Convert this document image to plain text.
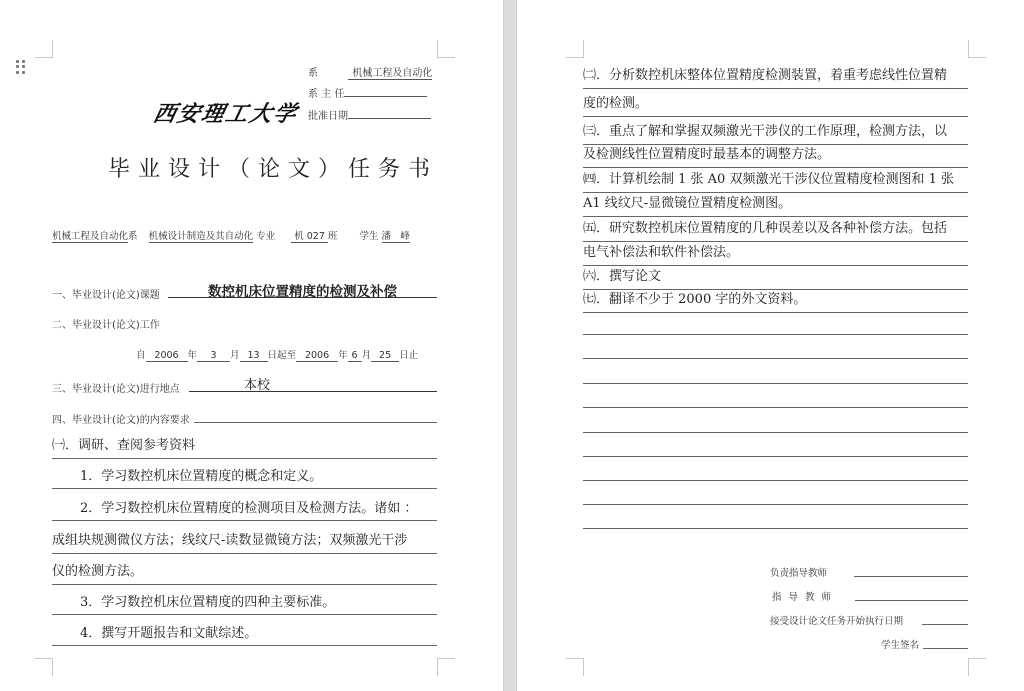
系	机械工程及自动化
系 主 任
批准日期
西安理工大学
毕业设计（论文）任务书
机械工程及自动化系 机械设计制造及其自动化 专业 机 027 班 学生 潘　峰
一、毕业设计(论文)课题	数控机床位置精度的检测及补偿
二、毕业设计(论文)工作
自 2006 年 3 月 13 日起至 2006 年 6 月 25 日止
三、毕业设计(论文)进行地点	本校
四、毕业设计(论文)的内容要求
㈠．调研、查阅参考资料
1．学习数控机床位置精度的概念和定义。
2．学习数控机床位置精度的检测项目及检测方法。诸如 ：
成组块规测微仪方法；线纹尺-读数显微镜方法；双频激光干涉
仪的检测方法。
3．学习数控机床位置精度的四种主要标准。
4．撰写开题报告和文献综述。
㈡．分析数控机床整体位置精度检测装置，着重考虑线性位置精
度的检测。
㈢．重点了解和掌握双频激光干涉仪的工作原理，检测方法，以
及检测线性位置精度时最基本的调整方法。
㈣．计算机绘制 1 张 A0 双频激光干涉仪位置精度检测图和 1 张
A1 线纹尺-显微镜位置精度检测图。
㈤．研究数控机床位置精度的几种误差以及各种补偿方法。包括
电气补偿法和软件补偿法。
㈥．撰写论文
㈦．翻译不少于 2000 字的外文资料。
负责指导教师
指 导 教 师
接受设计论文任务开始执行日期
学生签名
